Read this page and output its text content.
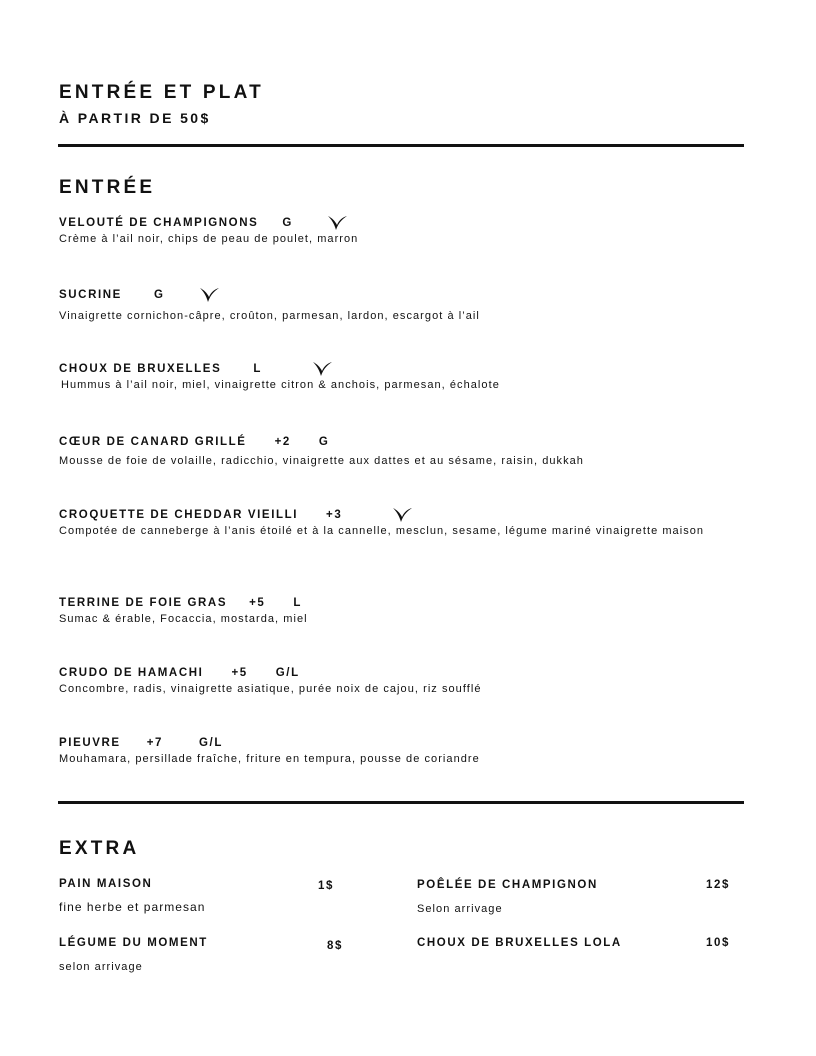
ENTRÉE ET PLAT
À PARTIR DE 50$
ENTRÉE
VELOUTÉ DE CHAMPIGNONS G
Crème à l’ail noir, chips de peau de poulet, marron
SUCRINE	G
Vinaigrette cornichon-câpre, croûton, parmesan, lardon, escargot à l’ail
CHOUX DE BRUXELLES	L
Hummus à l’ail noir, miel, vinaigrette citron & anchois, parmesan, échalote
CŒUR DE CANARD GRILLÉ +2 G
Mousse de foie de volaille, radicchio, vinaigrette aux dattes et au sésame, raisin, dukkah
CROQUETTE DE CHEDDAR VIEILLI +3
Compotée de canneberge à l’anis étoilé et à la cannelle, mesclun, sesame, légume mariné vinaigrette maison
TERRINE DE FOIE GRAS +5 L
Sumac & érable, Focaccia, mostarda, miel
CRUDO DE HAMACHI +5 G/L
Concombre, radis, vinaigrette asiatique, purée noix de cajou, riz soufflé
PIEUVRE +7	G/L
Mouhamara, persillade fraîche, friture en tempura, pousse de coriandre
EXTRA
PAIN MAISON	1$
fine herbe et parmesan
LÉGUME DU MOMENT	8$
selon arrivage
POÊLÉE DE CHAMPIGNON	12$
Selon arrivage
CHOUX DE BRUXELLES LOLA	10$
